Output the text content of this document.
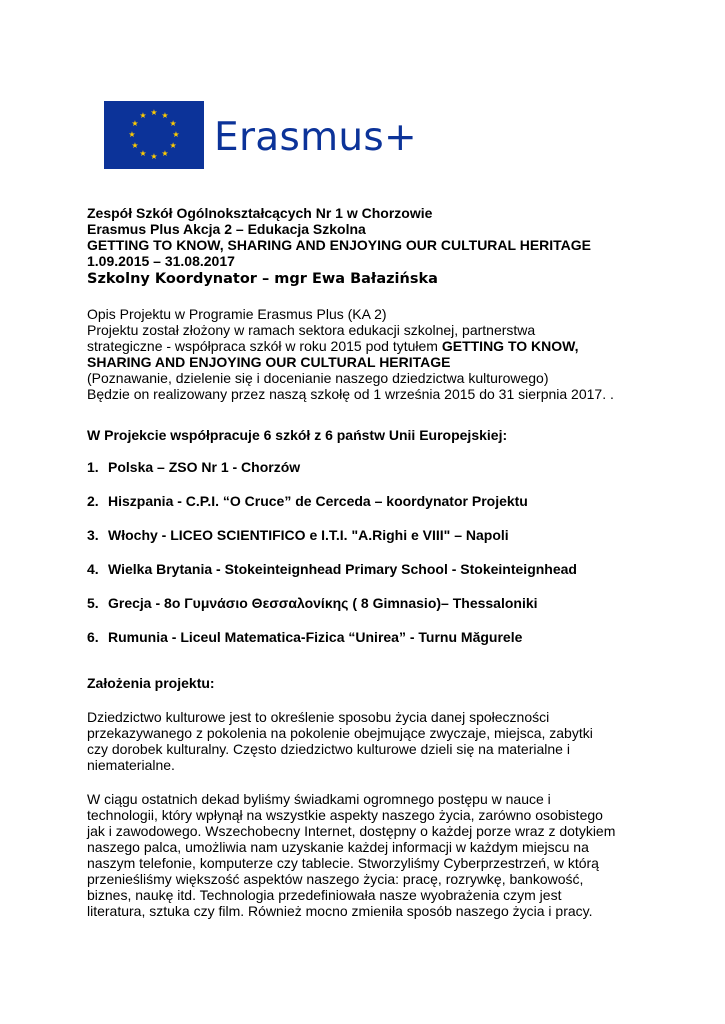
★ ★
★
★
★
★
★
★
★
★
★
★ Erasmus+
Zespół Szkół Ogólnokształcących Nr 1 w Chorzowie
Erasmus Plus Akcja 2 – Edukacja Szkolna
GETTING TO KNOW, SHARING AND ENJOYING OUR CULTURAL HERITAGE
1.09.2015 – 31.08.2017
Szkolny Koordynator – mgr Ewa Bałazińska
Opis Projektu w Programie Erasmus Plus (KA 2)
Projektu został złożony w ramach sektora edukacji szkolnej, partnerstwa
strategiczne - współpraca szkół w roku 2015 pod tytułem GETTING TO KNOW,
SHARING AND ENJOYING OUR CULTURAL HERITAGE
(Poznawanie, dzielenie się i docenianie naszego dziedzictwa kulturowego)
Będzie on realizowany przez naszą szkołę od 1 września 2015 do 31 sierpnia 2017. .
W Projekcie współpracuje 6 szkół z 6 państw Unii Europejskiej:
1. Polska – ZSO Nr 1 - Chorzów
2. Hiszpania - C.P.I. “O Cruce” de Cerceda – koordynator Projektu
3. Włochy - LICEO SCIENTIFICO e I.T.I. "A.Righi e VIII" – Napoli
4. Wielka Brytania - Stokeinteignhead Primary School - Stokeinteignhead
5. Grecja - 8ο Γυμνάσιο Θεσσαλονίκης ( 8 Gimnasio)– Thessaloniki
6. Rumunia - Liceul Matematica-Fizica “Unirea” - Turnu Măgurele
Założenia projektu:
Dziedzictwo kulturowe jest to określenie sposobu życia danej społeczności
przekazywanego z pokolenia na pokolenie obejmujące zwyczaje, miejsca, zabytki
czy dorobek kulturalny. Często dziedzictwo kulturowe dzieli się na materialne i
niematerialne.
W ciągu ostatnich dekad byliśmy świadkami ogromnego postępu w nauce i
technologii, który wpłynął na wszystkie aspekty naszego życia, zarówno osobistego
jak i zawodowego. Wszechobecny Internet, dostępny o każdej porze wraz z dotykiem
naszego palca, umożliwia nam uzyskanie każdej informacji w każdym miejscu na
naszym telefonie, komputerze czy tablecie. Stworzyliśmy Cyberprzestrzeń, w którą
przenieśliśmy większość aspektów naszego życia: pracę, rozrywkę, bankowość,
biznes, naukę itd. Technologia przedefiniowała nasze wyobrażenia czym jest
literatura, sztuka czy film. Również mocno zmieniła sposób naszego życia i pracy.
